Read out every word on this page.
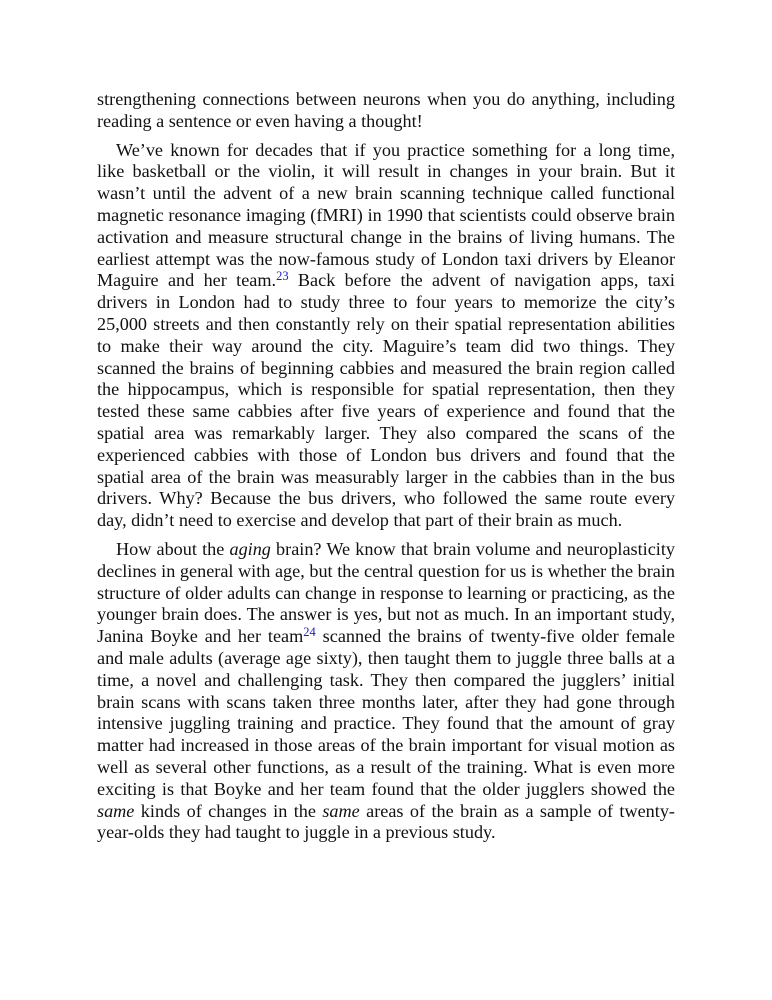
strengthening connections between neurons when you do anything, including reading a sentence or even having a thought!

We’ve known for decades that if you practice something for a long time, like basketball or the violin, it will result in changes in your brain. But it wasn’t until the advent of a new brain scanning technique called functional magnetic resonance imaging (fMRI) in 1990 that scientists could observe brain activation and measure structural change in the brains of living humans. The earliest attempt was the now-famous study of London taxi drivers by Eleanor Maguire and her team.$^{23}$ Back before the advent of navigation apps, taxi drivers in London had to study three to four years to memorize the city’s 25,000 streets and then constantly rely on their spatial representation abilities to make their way around the city. Maguire’s team did two things. They scanned the brains of beginning cabbies and measured the brain region called the hippocampus, which is responsible for spatial representation, then they tested these same cabbies after five years of experience and found that the spatial area was remarkably larger. They also compared the scans of the experienced cabbies with those of London bus drivers and found that the spatial area of the brain was measurably larger in the cabbies than in the bus drivers. Why? Because the bus drivers, who followed the same route every day, didn’t need to exercise and develop that part of their brain as much.

How about the aging brain? We know that brain volume and neuroplasticity declines in general with age, but the central question for us is whether the brain structure of older adults can change in response to learning or practicing, as the younger brain does. The answer is yes, but not as much. In an important study, Janina Boyke and her team$^{24}$ scanned the brains of twenty-five older female and male adults (average age sixty), then taught them to juggle three balls at a time, a novel and challenging task. They then compared the jugglers’ initial brain scans with scans taken three months later, after they had gone through intensive juggling training and practice. They found that the amount of gray matter had increased in those areas of the brain important for visual motion as well as several other functions, as a result of the training. What is even more exciting is that Boyke and her team found that the older jugglers showed the same kinds of changes in the same areas of the brain as a sample of twenty-year-olds they had taught to juggle in a previous study.
